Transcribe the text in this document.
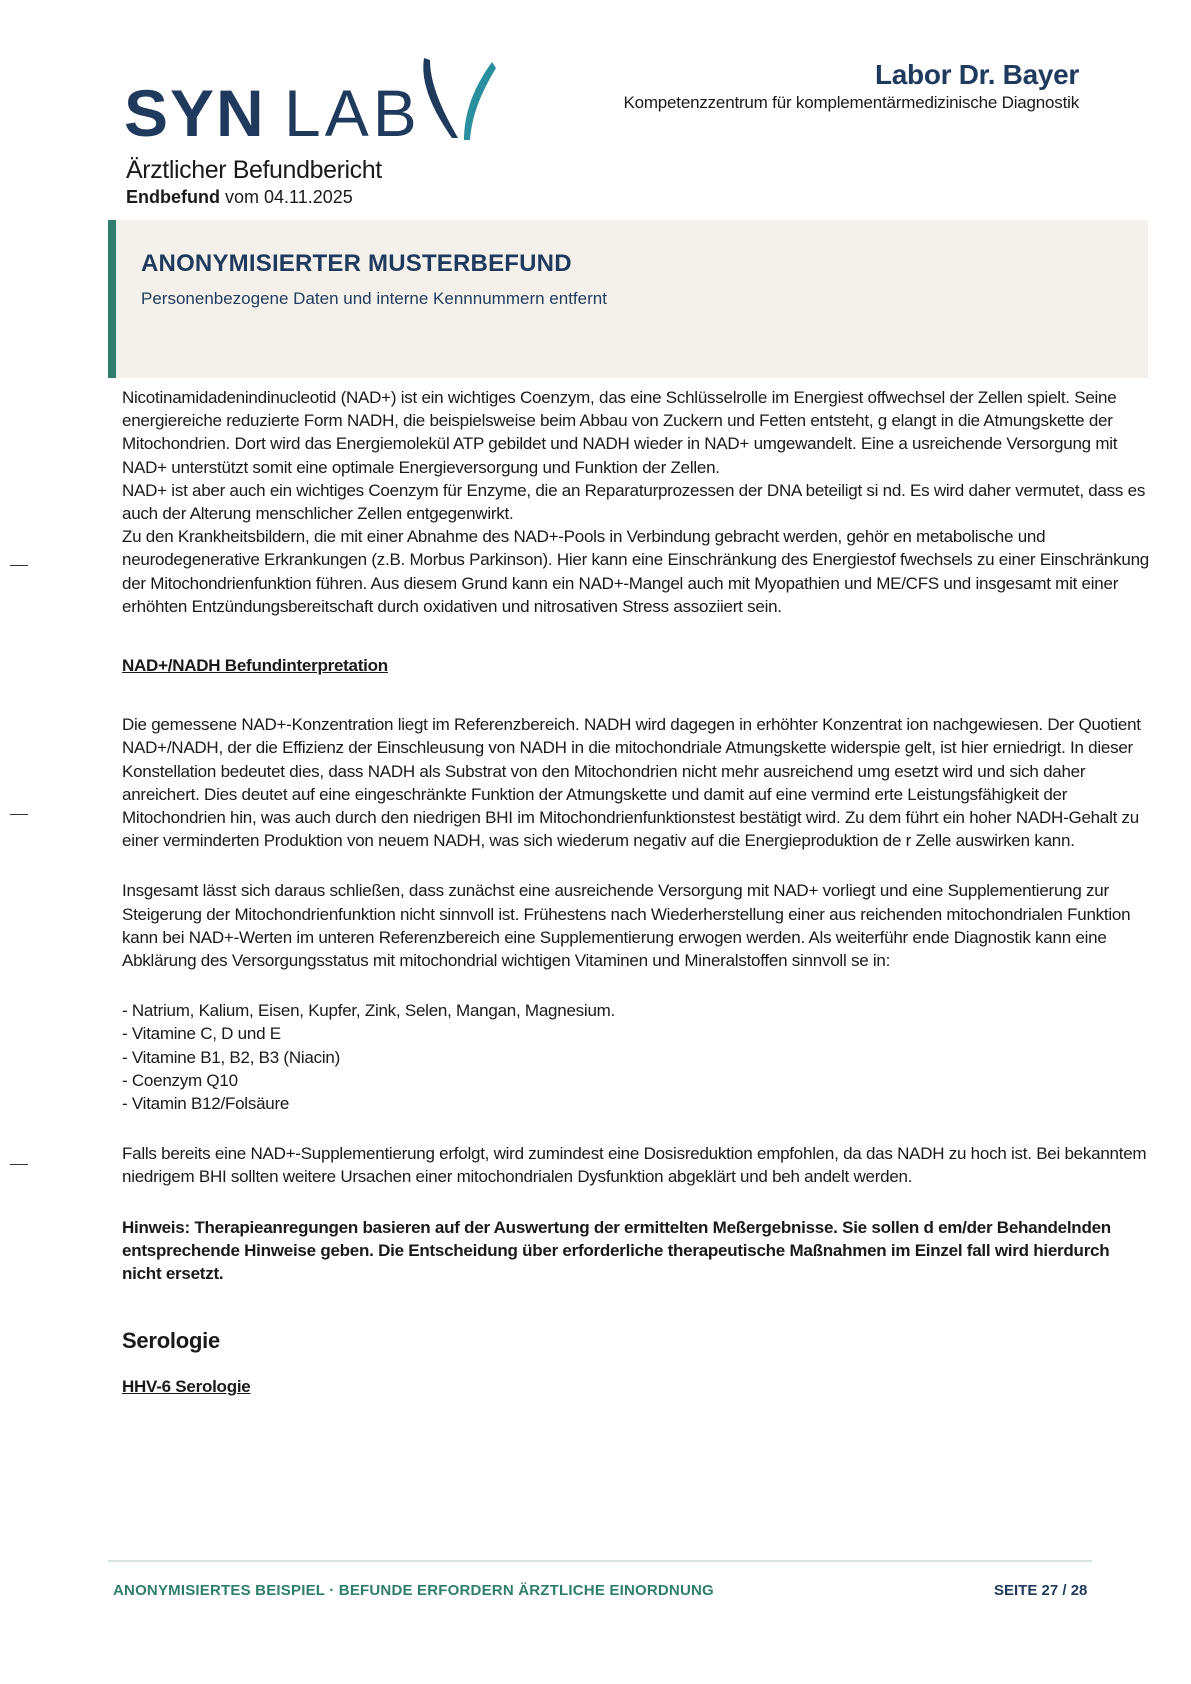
SYN LAB
Ärztlicher Befundbericht
Endbefund vom 04.11.2025
Labor Dr. Bayer
Kompetenzzentrum für komplementärmedizinische Diagnostik
ANONYMISIERTER MUSTERBEFUND
Personenbezogene Daten und interne Kennnummern entfernt

Nicotinamidadenindinucleotid (NAD+) ist ein wichtiges Coenzym, das eine Schlüsselrolle im Energiest offwechsel der Zellen spielt. Seine energiereiche reduzierte Form NADH, die beispielsweise beim Abbau von Zuckern und Fetten entsteht, g elangt in die Atmungskette der Mitochondrien. Dort wird das Energiemolekül ATP gebildet und NADH wieder in NAD+ umgewandelt. Eine a usreichende Versorgung mit NAD+ unterstützt somit eine optimale Energieversorgung und Funktion der Zellen.

NAD+ ist aber auch ein wichtiges Coenzym für Enzyme, die an Reparaturprozessen der DNA beteiligt si nd. Es wird daher vermutet, dass es auch der Alterung menschlicher Zellen entgegenwirkt.

Zu den Krankheitsbildern, die mit einer Abnahme des NAD+-Pools in Verbindung gebracht werden, gehör en metabolische und neurodegenerative Erkrankungen (z.B. Morbus Parkinson). Hier kann eine Einschränkung des Energiestof fwechsels zu einer Einschränkung der Mitochondrienfunktion führen. Aus diesem Grund kann ein NAD+-Mangel auch mit Myopathien und ME/CFS und insgesamt mit einer erhöhten Entzündungsbereitschaft durch oxidativen und nitrosativen Stress assoziiert sein.

NAD+/NADH Befundinterpretation

Die gemessene NAD+-Konzentration liegt im Referenzbereich. NADH wird dagegen in erhöhter Konzentrat ion nachgewiesen. Der Quotient NAD+/NADH, der die Effizienz der Einschleusung von NADH in die mitochondriale Atmungskette widerspie gelt, ist hier erniedrigt. In dieser Konstellation bedeutet dies, dass NADH als Substrat von den Mitochondrien nicht mehr ausreichend umg esetzt wird und sich daher anreichert. Dies deutet auf eine eingeschränkte Funktion der Atmungskette und damit auf eine vermind erte Leistungsfähigkeit der Mitochondrien hin, was auch durch den niedrigen BHI im Mitochondrienfunktionstest bestätigt wird. Zu dem führt ein hoher NADH-Gehalt zu einer verminderten Produktion von neuem NADH, was sich wiederum negativ auf die Energieproduktion de r Zelle auswirken kann.

Insgesamt lässt sich daraus schließen, dass zunächst eine ausreichende Versorgung mit NAD+ vorliegt und eine Supplementierung zur Steigerung der Mitochondrienfunktion nicht sinnvoll ist. Frühestens nach Wiederherstellung einer aus reichenden mitochondrialen Funktion kann bei NAD+-Werten im unteren Referenzbereich eine Supplementierung erwogen werden. Als weiterführ ende Diagnostik kann eine Abklärung des Versorgungsstatus mit mitochondrial wichtigen Vitaminen und Mineralstoffen sinnvoll se in:

- Natrium, Kalium, Eisen, Kupfer, Zink, Selen, Mangan, Magnesium.

- Vitamine C, D und E

- Vitamine B1, B2, B3 (Niacin)

- Coenzym Q10

- Vitamin B12/Folsäure

Falls bereits eine NAD+-Supplementierung erfolgt, wird zumindest eine Dosisreduktion empfohlen, da das NADH zu hoch ist. Bei bekanntem niedrigem BHI sollten weitere Ursachen einer mitochondrialen Dysfunktion abgeklärt und beh andelt werden.

Hinweis: Therapieanregungen basieren auf der Auswertung der ermittelten Meßergebnisse. Sie sollen d em/der Behandelnden entsprechende Hinweise geben. Die Entscheidung über erforderliche therapeutische Maßnahmen im Einzel fall wird hierdurch nicht ersetzt.

Serologie

HHV-6 Serologie

ANONYMISIERTES BEISPIEL · BEFUNDE ERFORDERN ÄRZTLICHE EINORDNUNG	SEITE 27 / 28
